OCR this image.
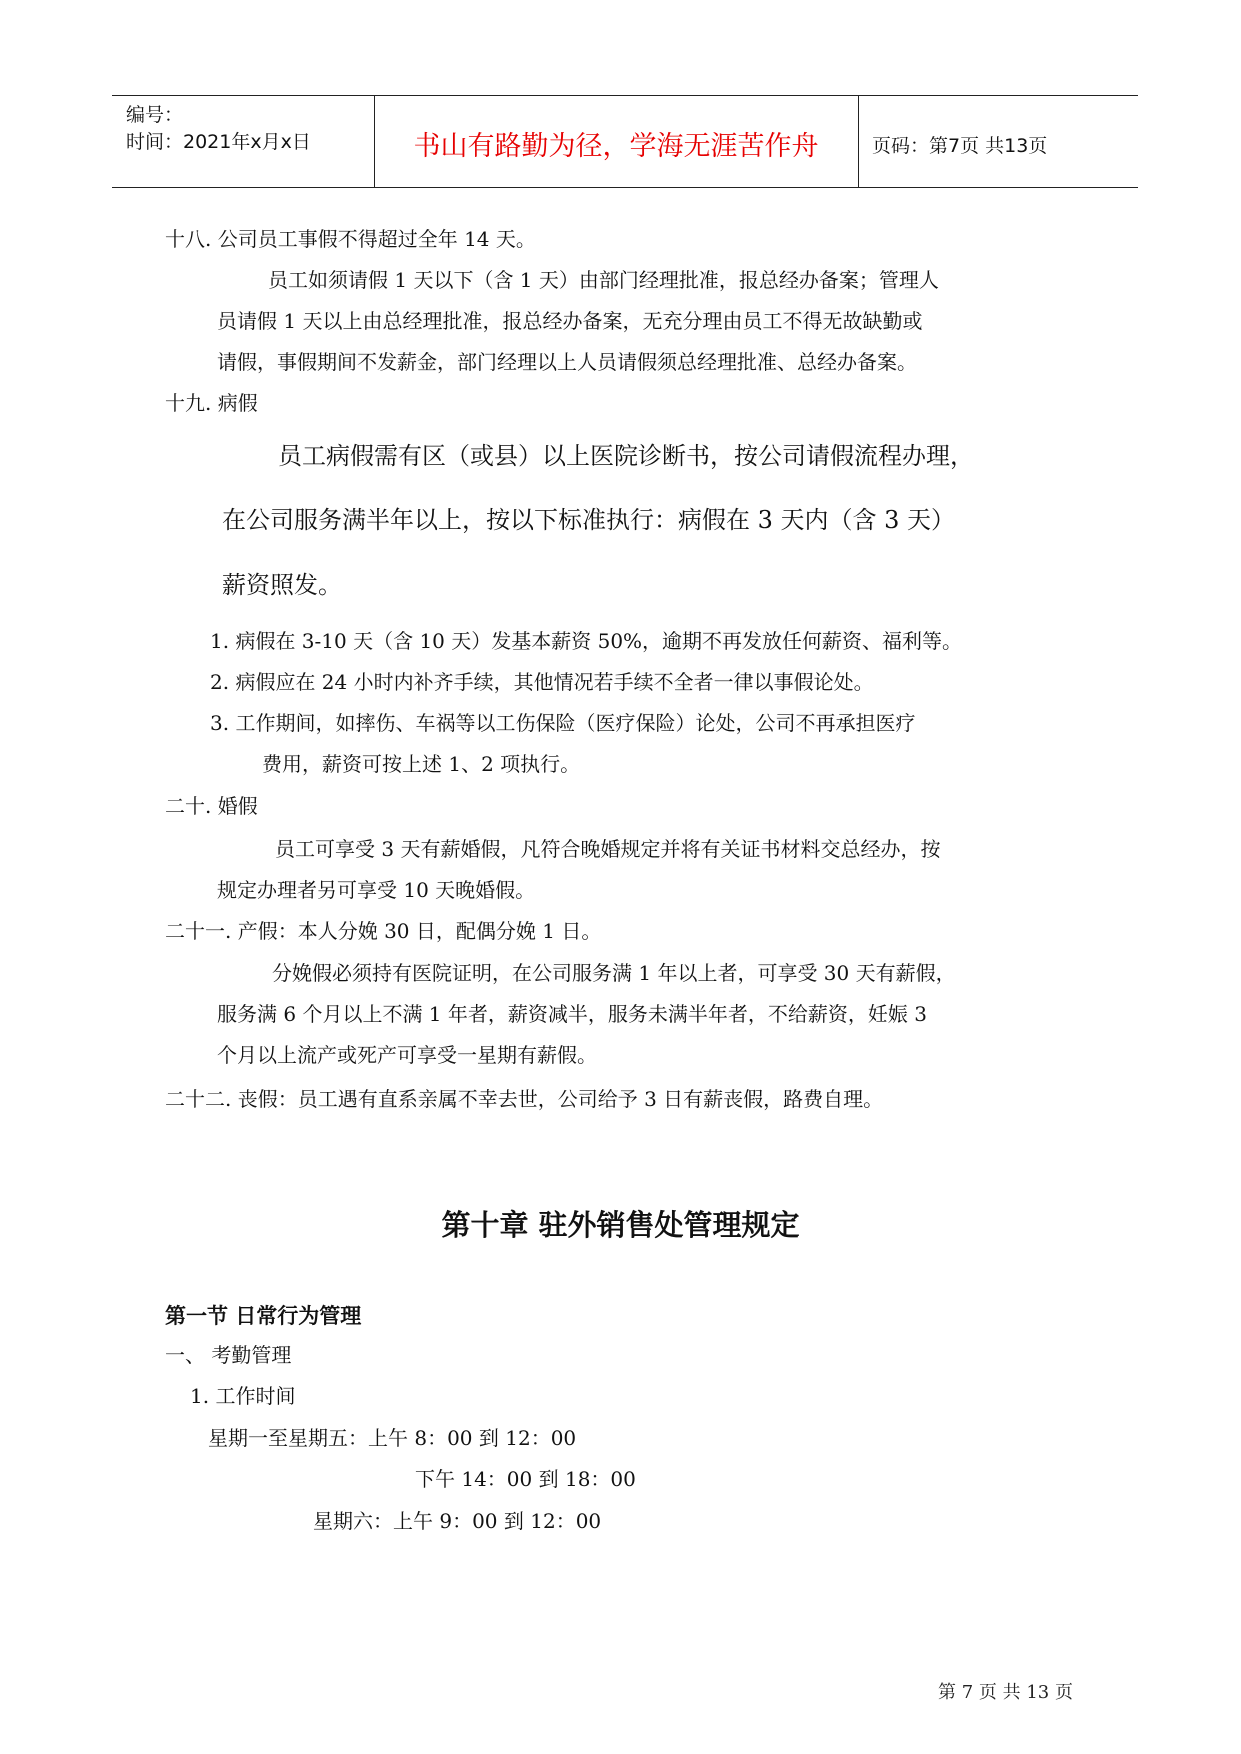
编号：
时间：2021年x月x日	书山有路勤为径，学海无涯苦作舟	页码：第7页 共13页
十八. 公司员工事假不得超过全年 14 天。
员工如须请假 1 天以下（含 1 天）由部门经理批准，报总经办备案；管理人
员请假 1 天以上由总经理批准，报总经办备案，无充分理由员工不得无故缺勤或
请假，事假期间不发薪金，部门经理以上人员请假须总经理批准、总经办备案。
十九. 病假
员工病假需有区（或县）以上医院诊断书，按公司请假流程办理，
在公司服务满半年以上，按以下标准执行：病假在 3 天内（含 3 天）
薪资照发。
1. 病假在 3-10 天（含 10 天）发基本薪资 50%，逾期不再发放任何薪资、福利等。
2. 病假应在 24 小时内补齐手续，其他情况若手续不全者一律以事假论处。
3. 工作期间，如摔伤、车祸等以工伤保险（医疗保险）论处，公司不再承担医疗
费用，薪资可按上述 1、2 项执行。
二十. 婚假
员工可享受 3 天有薪婚假，凡符合晚婚规定并将有关证书材料交总经办，按
规定办理者另可享受 10 天晚婚假。
二十一. 产假：本人分娩 30 日，配偶分娩 1 日。
分娩假必须持有医院证明，在公司服务满 1 年以上者，可享受 30 天有薪假，
服务满 6 个月以上不满 1 年者，薪资减半，服务未满半年者，不给薪资，妊娠 3
个月以上流产或死产可享受一星期有薪假。
二十二. 丧假：员工遇有直系亲属不幸去世，公司给予 3 日有薪丧假，路费自理。
第十章 驻外销售处管理规定
第一节 日常行为管理
一、 考勤管理
1. 工作时间
星期一至星期五：上午 8：00 到 12：00
下午 14：00 到 18：00
星期六：上午 9：00 到 12：00
第 7 页 共 13 页
